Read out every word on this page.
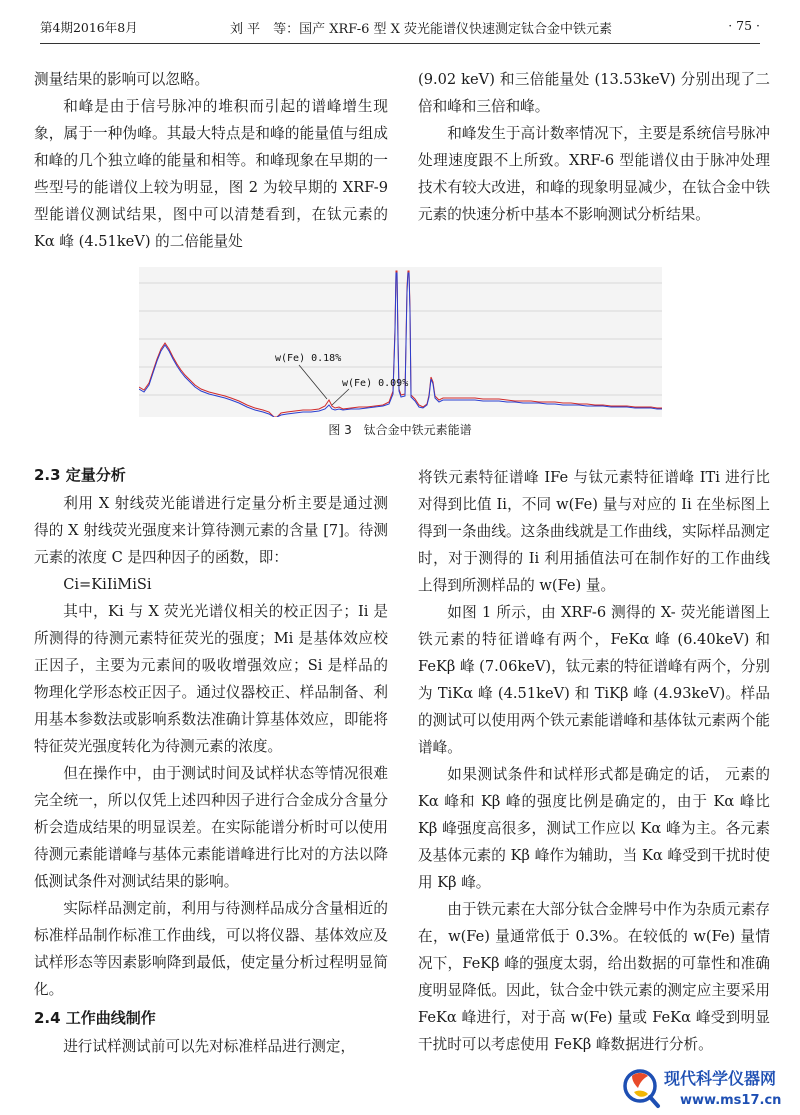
第4期2016年8月	刘 平　等：国产 XRF-6 型 X 荧光能谱仪快速测定钛合金中铁元素	· 75 ·

测量结果的影响可以忽略。

和峰是由于信号脉冲的堆积而引起的谱峰增生现象，属于一种伪峰。其最大特点是和峰的能量值与组成和峰的几个独立峰的能量和相等。和峰现象在早期的一些型号的能谱仪上较为明显，图 2 为较早期的 XRF-9 型能谱仪测试结果，图中可以清楚看到，在钛元素的 Kα 峰 (4.51keV) 的二倍能量处

(9.02 keV) 和三倍能量处 (13.53keV) 分别出现了二倍和峰和三倍和峰。

和峰发生于高计数率情况下，主要是系统信号脉冲处理速度跟不上所致。XRF-6 型能谱仪由于脉冲处理技术有较大改进，和峰的现象明显减少，在钛合金中铁元素的快速分析中基本不影响测试分析结果。

w(Fe) 0.18%
w(Fe) 0.09%
图 3 钛合金中铁元素能谱
2.3 定量分析

利用 X 射线荧光能谱进行定量分析主要是通过测得的 X 射线荧光强度来计算待测元素的含量 [7]。待测元素的浓度 C 是四种因子的函数，即：

Ci=KiIiMiSi

其中，Ki 与 X 荧光光谱仪相关的校正因子；Ii 是所测得的待测元素特征荧光的强度；Mi 是基体效应校正因子，主要为元素间的吸收增强效应；Si 是样品的物理化学形态校正因子。通过仪器校正、样品制备、利用基本参数法或影响系数法准确计算基体效应，即能将特征荧光强度转化为待测元素的浓度。

但在操作中，由于测试时间及试样状态等情况很难完全统一，所以仅凭上述四种因子进行合金成分含量分析会造成结果的明显误差。在实际能谱分析时可以使用待测元素能谱峰与基体元素能谱峰进行比对的方法以降低测试条件对测试结果的影响。

实际样品测定前，利用与待测样品成分含量相近的标准样品制作标准工作曲线，可以将仪器、基体效应及试样形态等因素影响降到最低，使定量分析过程明显简化。

2.4 工作曲线制作

进行试样测试前可以先对标准样品进行测定，

将铁元素特征谱峰 IFe 与钛元素特征谱峰 ITi 进行比对得到比值 Ii，不同 w(Fe) 量与对应的 Ii 在坐标图上得到一条曲线。这条曲线就是工作曲线，实际样品测定时，对于测得的 Ii 利用插值法可在制作好的工作曲线上得到所测样品的 w(Fe) 量。

如图 1 所示，由 XRF-6 测得的 X- 荧光能谱图上铁元素的特征谱峰有两个，FeKα 峰 (6.40keV) 和 FeKβ 峰 (7.06keV)，钛元素的特征谱峰有两个，分别为 TiKα 峰 (4.51keV) 和 TiKβ 峰 (4.93keV)。样品的测试可以使用两个铁元素能谱峰和基体钛元素两个能谱峰。

如果测试条件和试样形式都是确定的话， 元素的 Kα 峰和 Kβ 峰的强度比例是确定的，由于 Kα 峰比 Kβ 峰强度高很多，测试工作应以 Kα 峰为主。各元素及基体元素的 Kβ 峰作为辅助，当 Kα 峰受到干扰时使用 Kβ 峰。

由于铁元素在大部分钛合金牌号中作为杂质元素存在，w(Fe) 量通常低于 0.3%。在较低的 w(Fe) 量情况下，FeKβ 峰的强度太弱，给出数据的可靠性和准确度明显降低。因此，钛合金中铁元素的测定应主要采用 FeKα 峰进行，对于高 w(Fe) 量或 FeKα 峰受到明显干扰时可以考虑使用 FeKβ 峰数据进行分析。

现代科学仪器网
www.ms17.cn
